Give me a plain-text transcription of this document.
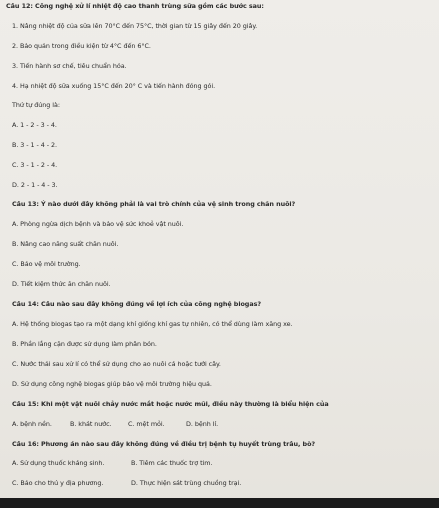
Câu 12: Công nghệ xử lí nhiệt độ cao thanh trùng sữa gồm các bước sau:
1. Nâng nhiệt độ của sữa lên 70°C đến 75°C, thời gian từ 15 giây đến 20 giây.
2. Bảo quản trong điều kiện từ 4°C đến 6°C.
3. Tiến hành sơ chế, tiêu chuẩn hóa.
4. Hạ nhiệt độ sữa xuống 15°C đến 20° C và tiến hành đóng gói.
Thứ tự đúng là:
A. 1 - 2 - 3 - 4.
B. 3 - 1 - 4 - 2.
C. 3 - 1 - 2 - 4.
D. 2 - 1 - 4 - 3.
Câu 13: Ý nào dưới đây không phải là vai trò chính của vệ sinh trong chăn nuôi?
A. Phòng ngừa dịch bệnh và bảo vệ sức khoẻ vật nuôi.
B. Nâng cao năng suất chăn nuôi.
C. Bảo vệ môi trường.
D. Tiết kiệm thức ăn chăn nuôi.
Câu 14: Câu nào sau đây không đúng về lợi ích của công nghệ biogas?
A. Hệ thống biogas tạo ra một dạng khí giống khí gas tự nhiên, có thể dùng làm xăng xe.
B. Phần lắng cặn được sử dụng làm phân bón.
C. Nước thải sau xử lí có thể sử dụng cho ao nuôi cá hoặc tưới cây.
D. Sử dụng công nghệ biogas giúp bảo vệ môi trường hiệu quả.
Câu 15: Khi một vật nuôi chảy nước mắt hoặc nước mũi, điều này thường là biểu hiện của
A. bệnh nền.	B. khát nước.	C. mệt mỏi.	D. bệnh lí.
Câu 16: Phương án nào sau đây không đúng về điều trị bệnh tụ huyết trùng trâu, bò?
A. Sử dụng thuốc kháng sinh.	B. Tiêm các thuốc trợ tim.
C. Bảo cho thú y địa phương.	D. Thực hiện sát trùng chuồng trại.
